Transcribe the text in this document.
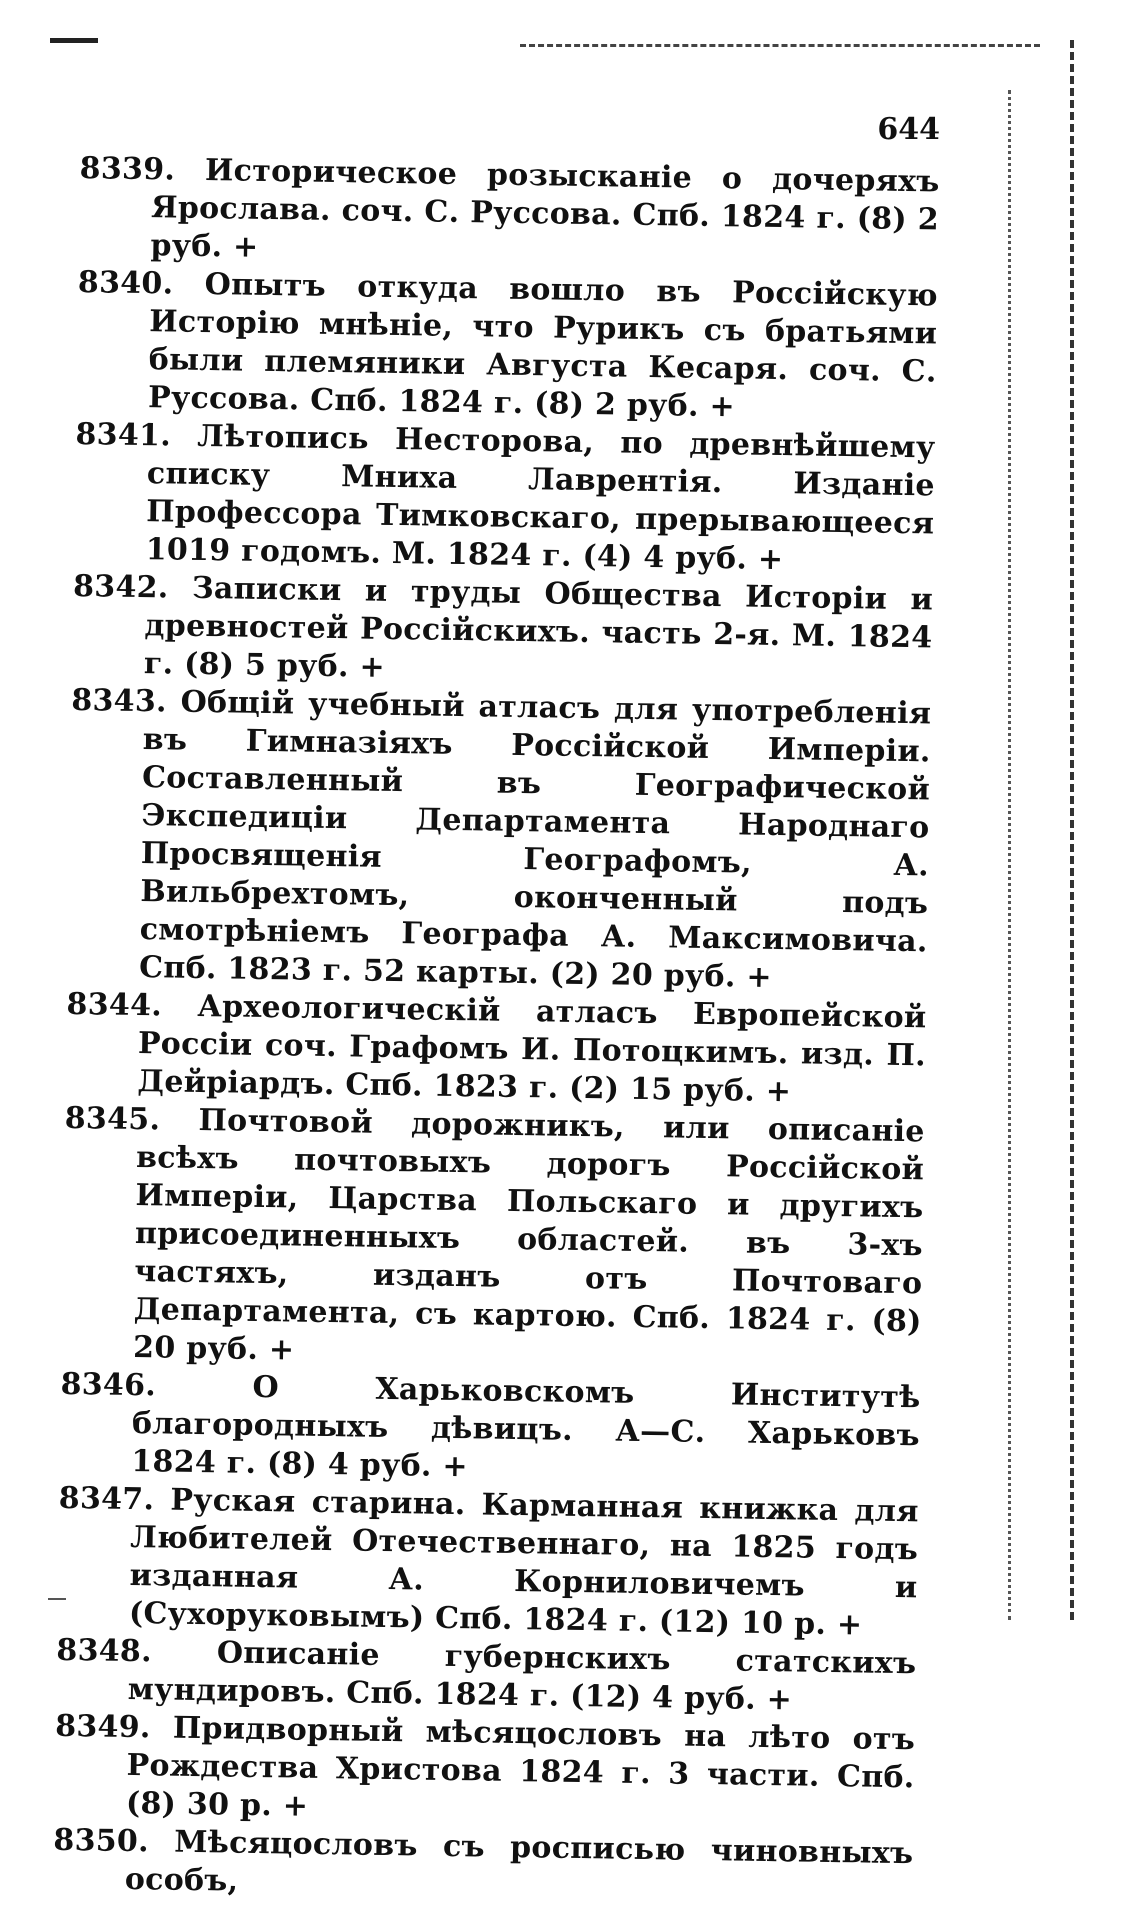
644

8339. Историческое розысканіе о дочеряхъ Ярослава. соч. С. Руссова. Спб. 1824 г. (8) 2 руб. +

8340. Опытъ откуда вошло въ Россійскую Исторію мнѣніе, что Рурикъ съ братьями были племяники Августа Кесаря. соч. С. Руссова. Спб. 1824 г. (8) 2 руб. +

8341. Лѣтопись Несторова, по древнѣйшему списку Мниха Лаврентія. Изданіе Профессора Тимковскаго, прерывающееся 1019 годомъ. М. 1824 г. (4) 4 руб. +

8342. Записки и труды Общества Исторіи и древностей Россійскихъ. часть 2-я. М. 1824 г. (8) 5 руб. +

8343. Общій учебный атласъ для употребленія въ Гимназіяхъ Россійской Имперіи. Составленный въ Географической Экспедиціи Департамента Народнаго Просвященія Географомъ, А. Вильбрехтомъ, оконченный подъ смотрѣніемъ Географа А. Максимовича. Спб. 1823 г. 52 карты. (2) 20 руб. +

8344. Археологическій атласъ Европейской Россіи соч. Графомъ И. Потоцкимъ. изд. П. Дейріардъ. Спб. 1823 г. (2) 15 руб. +

8345. Почтовой дорожникъ, или описаніе всѣхъ почтовыхъ дорогъ Россійской Имперіи, Царства Польскаго и другихъ присоединенныхъ областей. въ 3-хъ частяхъ, изданъ отъ Почтоваго Департамента, съ картою. Спб. 1824 г. (8) 20 руб. +

8346.	О Харьковскомъ Институтѣ благородныхъ дѣвицъ. А—С. Харьковъ 1824 г. (8) 4 руб. +

8347. Руская старина. Карманная книжка для Любителей Отечественнаго, на 1825 годъ изданная А. Корниловичемъ и (Сухоруковымъ) Спб. 1824 г. (12) 10 р. +

8348. Описаніе губернскихъ статскихъ мундировъ. Спб. 1824 г. (12) 4 руб. +

8349. Придворный мѣсяцословъ на лѣто отъ Рождества Христова 1824 г. 3 части. Спб. (8) 30 р. +

8350. Мѣсяцословъ съ росписью чиновныхъ особъ,
